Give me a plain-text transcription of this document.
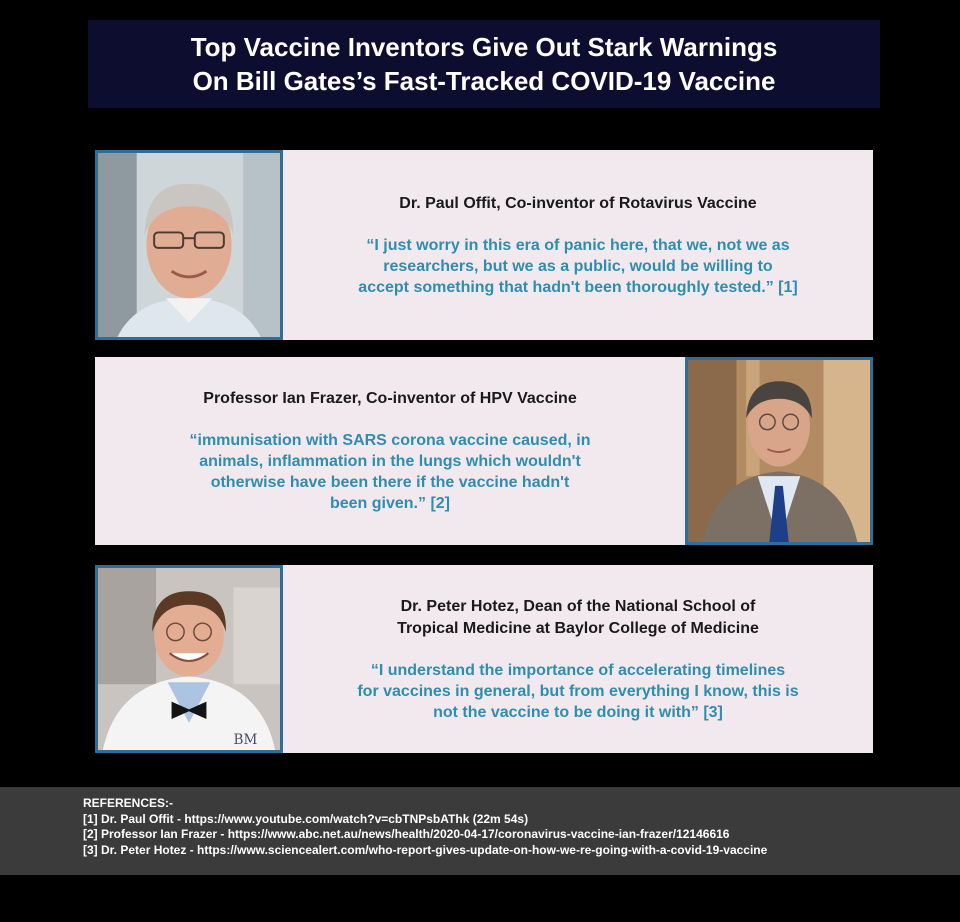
Top Vaccine Inventors Give Out Stark Warnings
On Bill Gates’s Fast-Tracked COVID-19 Vaccine
Dr. Paul Offit, Co-inventor of Rotavirus Vaccine
“I just worry in this era of panic here, that we, not we as
researchers, but we as a public, would be willing to
accept something that hadn't been thoroughly tested.” [1]
Professor Ian Frazer, Co-inventor of HPV Vaccine
“immunisation with SARS corona vaccine caused, in
animals, inflammation in the lungs which wouldn't
otherwise have been there if the vaccine hadn't
been given.” [2]
BM
Dr. Peter Hotez, Dean of the National School of
Tropical Medicine at Baylor College of Medicine
“I understand the importance of accelerating timelines
for vaccines in general, but from everything I know, this is
not the vaccine to be doing it with” [3]
REFERENCES:-
[1] Dr. Paul Offit - https://www.youtube.com/watch?v=cbTNPsbAThk (22m 54s)
[2] Professor Ian Frazer - https://www.abc.net.au/news/health/2020-04-17/coronavirus-vaccine-ian-frazer/12146616
[3] Dr. Peter Hotez - https://www.sciencealert.com/who-report-gives-update-on-how-we-re-going-with-a-covid-19-vaccine
